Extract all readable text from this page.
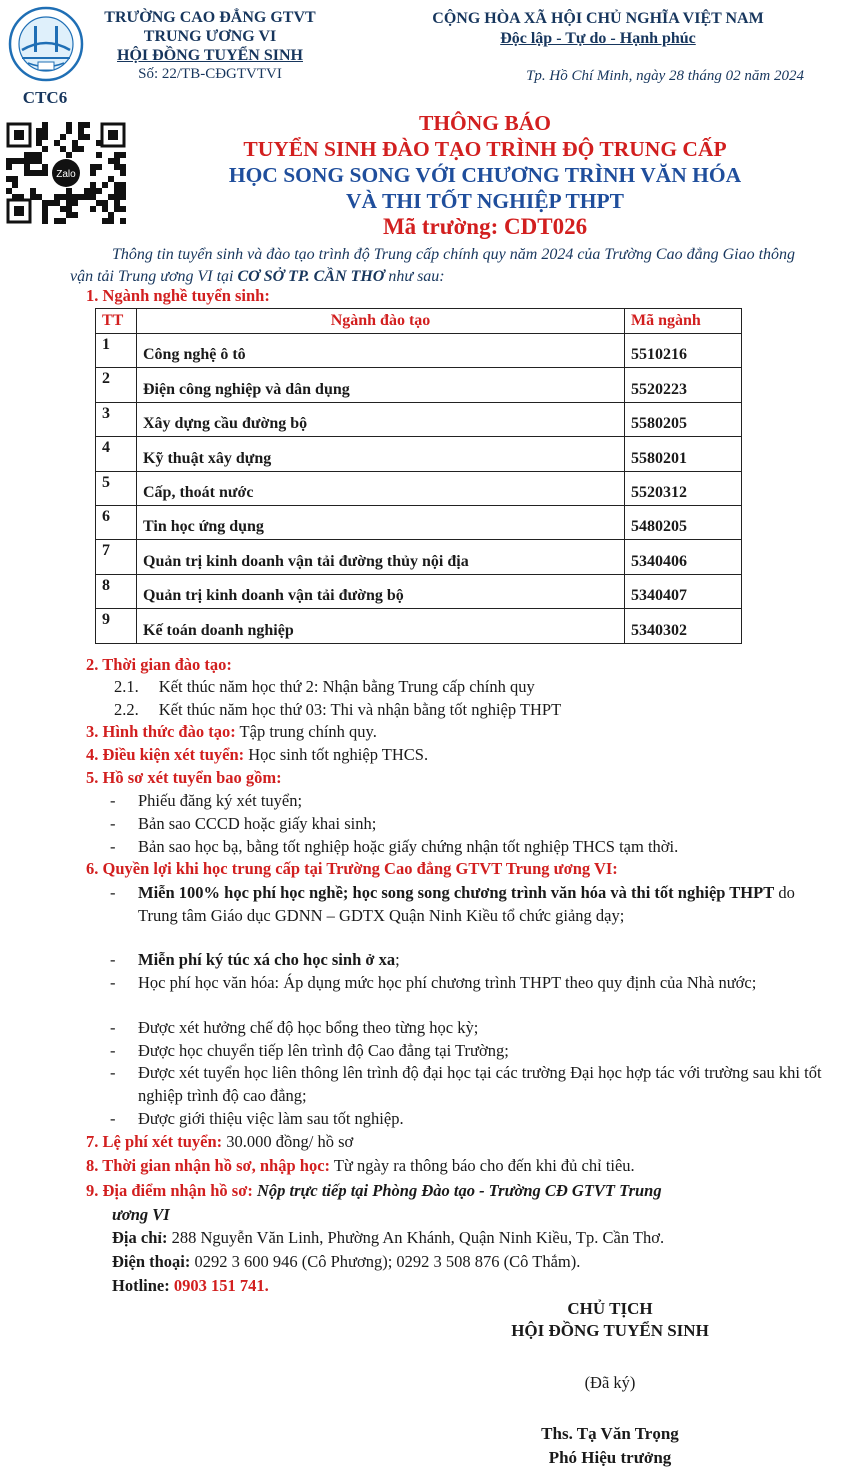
CTC6
TRƯỜNG CAO ĐẲNG GTVT
TRUNG ƯƠNG VI
HỘI ĐỒNG TUYỂN SINH
Số: 22/TB-CĐGTVTVI
Zalo
CỘNG HÒA XÃ HỘI CHỦ NGHĨA VIỆT NAM
Độc lập - Tự do - Hạnh phúc
Tp. Hồ Chí Minh, ngày 28 tháng 02 năm 2024
THÔNG BÁO
TUYỂN SINH ĐÀO TẠO TRÌNH ĐỘ TRUNG CẤP
HỌC SONG SONG VỚI CHƯƠNG TRÌNH VĂN HÓA
VÀ THI TỐT NGHIỆP THPT
Mã trường: CDT026
Thông tin tuyển sinh và đào tạo trình độ Trung cấp chính quy năm 2024 của Trường Cao đẳng Giao thông vận tải Trung ương VI tại CƠ SỞ TP. CẦN THƠ như sau:
1. Ngành nghề tuyển sinh:
TT	Ngành đào tạo	Mã ngành
1	Công nghệ ô tô	5510216
2	Điện công nghiệp và dân dụng	5520223
3	Xây dựng cầu đường bộ	5580205
4	Kỹ thuật xây dựng	5580201
5	Cấp, thoát nước	5520312
6	Tin học ứng dụng	5480205
7	Quản trị kinh doanh vận tải đường thủy nội địa	5340406
8	Quản trị kinh doanh vận tải đường bộ	5340407
9	Kế toán doanh nghiệp	5340302
2. Thời gian đào tạo:
2.1. Kết thúc năm học thứ 2: Nhận bằng Trung cấp chính quy
2.2. Kết thúc năm học thứ 03: Thi và nhận bằng tốt nghiệp THPT
3. Hình thức đào tạo: Tập trung chính quy.
4. Điều kiện xét tuyển: Học sinh tốt nghiệp THCS.
5. Hồ sơ xét tuyển bao gồm:
- Phiếu đăng ký xét tuyển;
- Bản sao CCCD hoặc giấy khai sinh;
- Bản sao học bạ, bằng tốt nghiệp hoặc giấy chứng nhận tốt nghiệp THCS tạm thời.
6. Quyền lợi khi học trung cấp tại Trường Cao đẳng GTVT Trung ương VI:
- Miễn 100% học phí học nghề; học song song chương trình văn hóa và thi tốt nghiệp THPT do Trung tâm Giáo dục GDNN – GDTX Quận Ninh Kiều tổ chức giảng dạy;
- Miễn phí ký túc xá cho học sinh ở xa;
- Học phí học văn hóa: Áp dụng mức học phí chương trình THPT theo quy định của Nhà nước;
- Được xét hưởng chế độ học bổng theo từng học kỳ;
- Được học chuyển tiếp lên trình độ Cao đẳng tại Trường;
- Được xét tuyển học liên thông lên trình độ đại học tại các trường Đại học hợp tác với trường sau khi tốt nghiệp trình độ cao đẳng;
- Được giới thiệu việc làm sau tốt nghiệp.
7. Lệ phí xét tuyển: 30.000 đồng/ hồ sơ
8. Thời gian nhận hồ sơ, nhập học: Từ ngày ra thông báo cho đến khi đủ chỉ tiêu.
9. Địa điểm nhận hồ sơ: Nộp trực tiếp tại Phòng Đào tạo - Trường CĐ GTVT Trung
ương VI
Địa chỉ: 288 Nguyễn Văn Linh, Phường An Khánh, Quận Ninh Kiều, Tp. Cần Thơ.
Điện thoại: 0292 3 600 946 (Cô Phương); 0292 3 508 876 (Cô Thắm).
Hotline: 0903 151 741.
CHỦ TỊCH
HỘI ĐỒNG TUYỂN SINH
(Đã ký)
Ths. Tạ Văn Trọng
Phó Hiệu trưởng
